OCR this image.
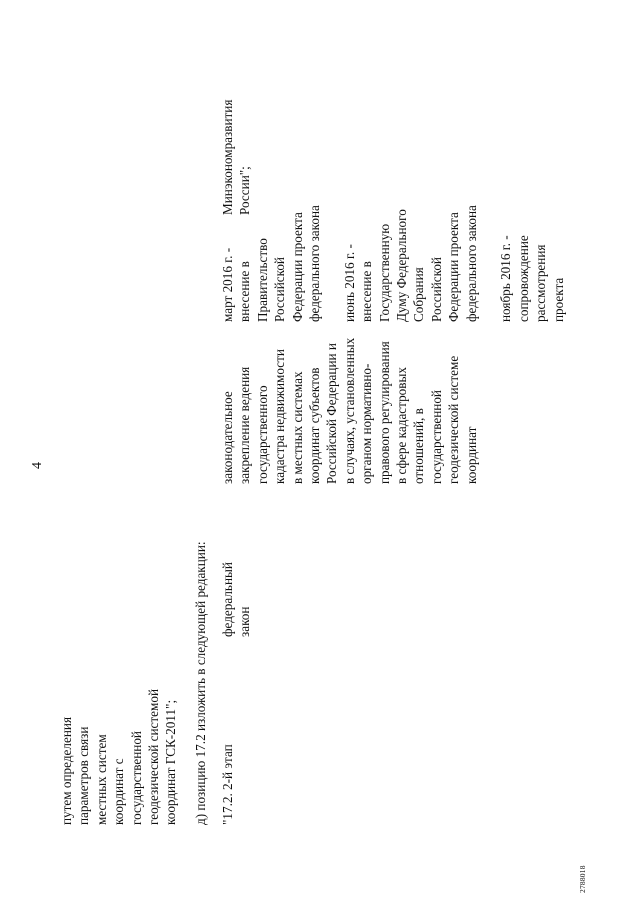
4
путем определения параметров связи местных систем координат с государственной геодезической системой координат ГСК-2011"; д) позицию 17.2 изложить в следующей редакции: "17.2. 2-й этап
федеральный закон
законодательное закрепление ведения государственного кадастра недвижимости в местных системах координат субъектов Российской Федерации и в случаях, установленных органом нормативно- правового регулирования в сфере кадастровых отношений, в государственной геодезической системе координат
март 2016 г. - внесение в Правительство Российской Федерации проекта федерального закона июнь 2016 г. - внесение в Государственную Думу Федерального Собрания Российской Федерации проекта федерального закона ноябрь 2016 г. - сопровождение рассмотрения проекта
Минэкономразвития России";
2788018
